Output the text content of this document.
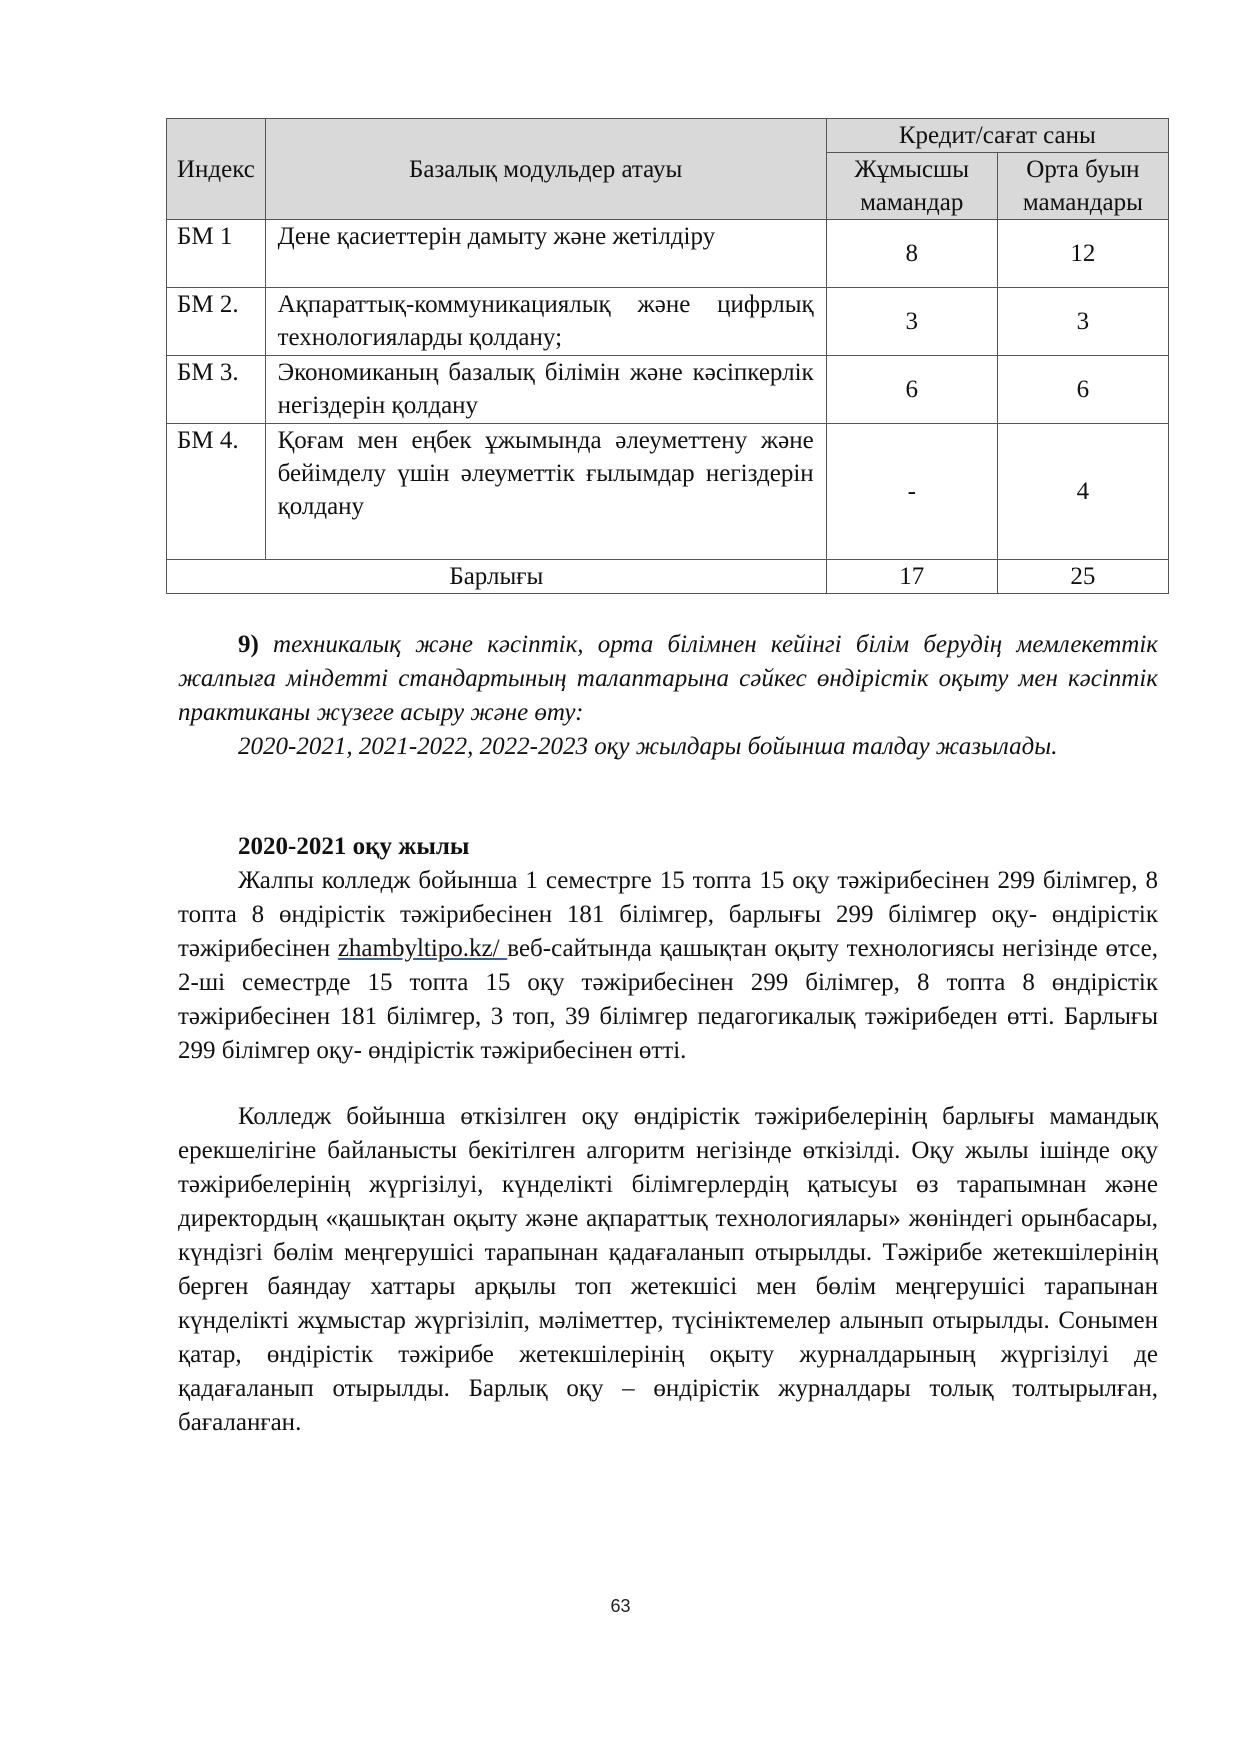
Индекс	Базалық модульдер атауы	Кредит/сағат саны	
		Жұмысшы мамандар	Орта буын мамандары
БМ 1	Дене қасиеттерін дамыту және жетілдіру	8	12
БМ 2.	Ақпараттық-коммуникациялық және цифрлық технологияларды қолдану;	3	3
БМ 3.	Экономиканың базалық білімін және кәсіпкерлік негіздерін қолдану	6	6
БМ 4.	Қоғам мен еңбек ұжымында әлеуметтену және бейімделу үшін әлеуметтік ғылымдар негіздерін қолдану	-	4
Барлығы		17	25

9) техникалық және кәсіптік, орта білімнен кейінгі білім берудің мемлекеттік жалпыға міндетті стандартының талаптарына сәйкес өндірістік оқыту мен кәсіптік практиканы жүзеге асыру және өту:

2020-2021, 2021-2022, 2022-2023 оқу жылдары бойынша талдау жазылады.

2020-2021 оқу жылы

Жалпы колледж бойынша 1 семестрге 15 топта 15 оқу тәжірибесінен 299 білімгер, 8 топта 8 өндірістік тәжірибесінен 181 білімгер, барлығы 299 білімгер оқу- өндірістік тәжірибесінен zhambyltipo.kz/ веб-сайтында қашықтан оқыту технологиясы негізінде өтсе, 2-ші семестрде 15 топта 15 оқу тәжірибесінен 299 білімгер, 8 топта 8 өндірістік тәжірибесінен 181 білімгер, 3 топ, 39 білімгер педагогикалық тәжірибеден өтті. Барлығы 299 білімгер оқу- өндірістік тәжірибесінен өтті.

Колледж бойынша өткізілген оқу өндірістік тәжірибелерінің барлығы мамандық ерекшелігіне байланысты бекітілген алгоритм негізінде өткізілді. Оқу жылы ішінде оқу тәжірибелерінің жүргізілуі, күнделікті білімгерлердің қатысуы өз тарапымнан және директордың «қашықтан оқыту және ақпараттық технологиялары» жөніндегі орынбасары, күндізгі бөлім меңгерушісі тарапынан қадағаланып отырылды. Тәжірибе жетекшілерінің берген баяндау хаттары арқылы топ жетекшісі мен бөлім меңгерушісі тарапынан күнделікті жұмыстар жүргізіліп, мәліметтер, түсініктемелер алынып отырылды. Сонымен қатар, өндірістік тәжірибе жетекшілерінің оқыту журналдарының жүргізілуі де қадағаланып отырылды. Барлық оқу – өндірістік журналдары толық толтырылған, бағаланған.

63
